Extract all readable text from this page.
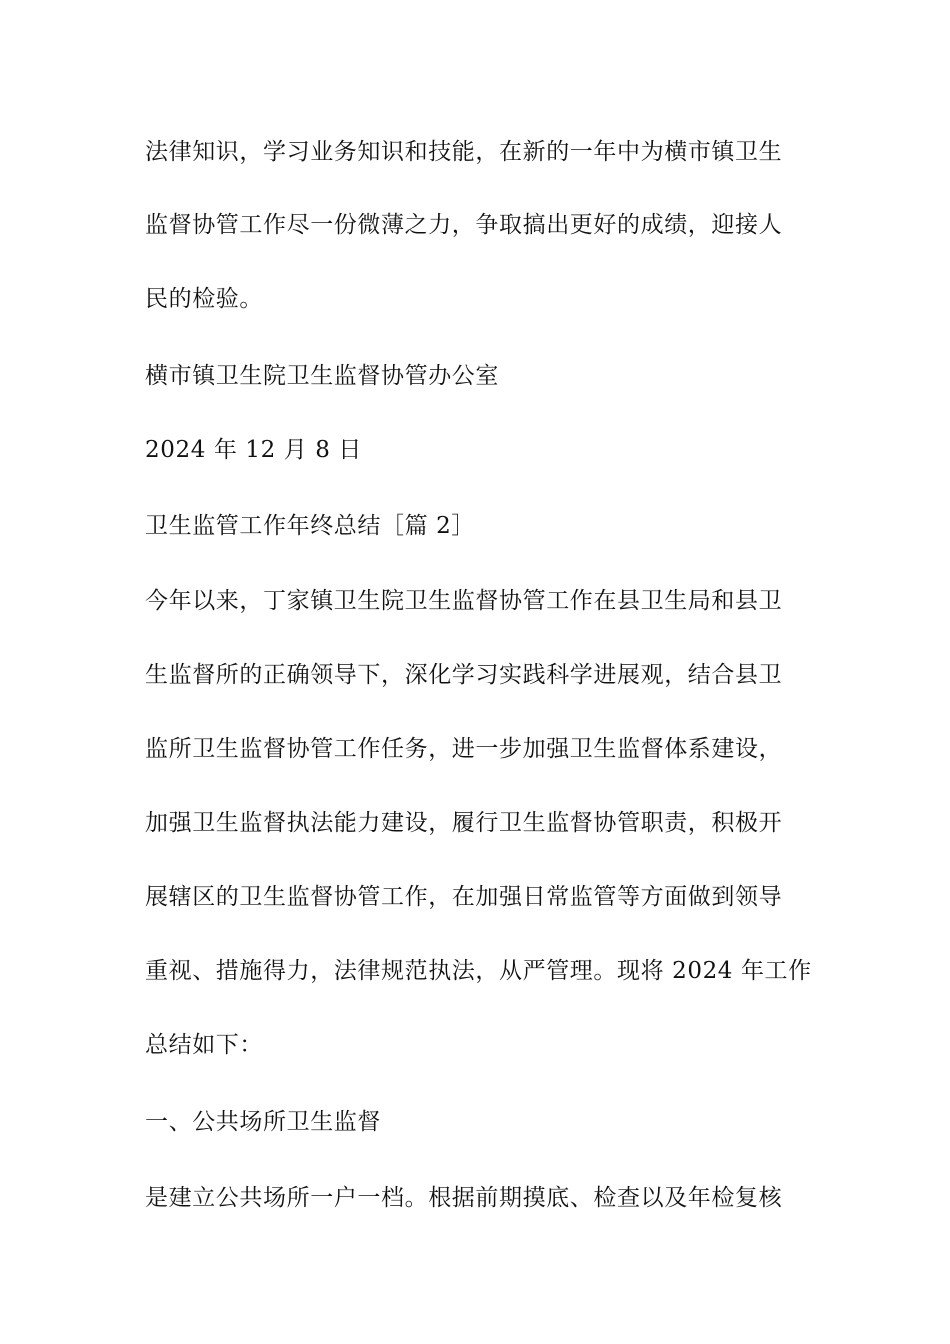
法律知识，学习业务知识和技能，在新的一年中为横市镇卫生
监督协管工作尽一份微薄之力，争取搞出更好的成绩，迎接人
民的检验。
横市镇卫生院卫生监督协管办公室
2024 年 12 月 8 日
卫生监管工作年终总结［篇 2］
今年以来，丁家镇卫生院卫生监督协管工作在县卫生局和县卫
生监督所的正确领导下，深化学习实践科学进展观，结合县卫
监所卫生监督协管工作任务，进一步加强卫生监督体系建设，
加强卫生监督执法能力建设，履行卫生监督协管职责，积极开
展辖区的卫生监督协管工作，在加强日常监管等方面做到领导
重视、措施得力，法律规范执法，从严管理。现将 2024 年工作
总结如下：
一、公共场所卫生监督
是建立公共场所一户一档。根据前期摸底、检查以及年检复核
